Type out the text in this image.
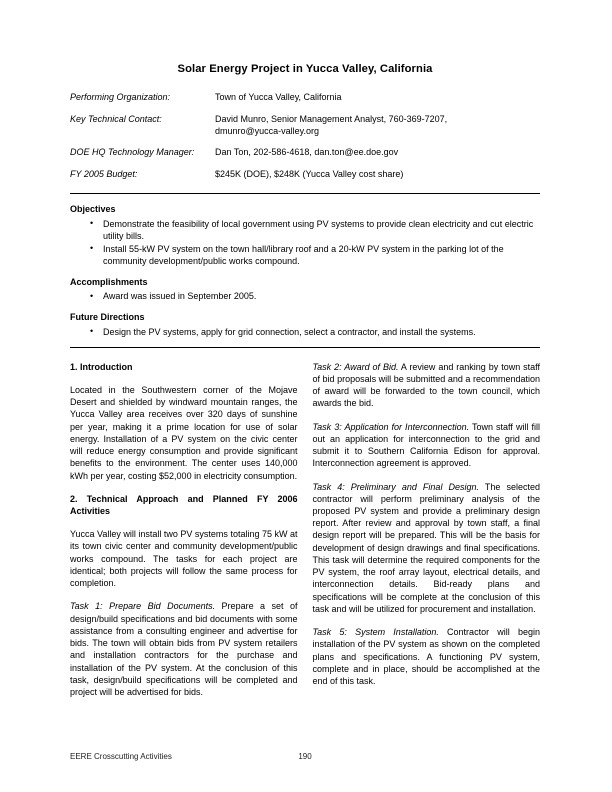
Solar Energy Project in Yucca Valley, California
Performing Organization:	Town of Yucca Valley, California
Key Technical Contact:	David Munro, Senior Management Analyst, 760-369-7207,
dmunro@yucca-valley.org

DOE HQ Technology Manager:	Dan Ton, 202-586-4618, dan.ton@ee.doe.gov
FY 2005 Budget:	$245K (DOE), $248K (Yucca Valley cost share)
Objectives
• Demonstrate the feasibility of local government using PV systems to provide clean electricity and cut electric utility bills.
• Install 55-kW PV system on the town hall/library roof and a 20-kW PV system in the parking lot of the community development/public works compound.
Accomplishments
• Award was issued in September 2005.
Future Directions
• Design the PV systems, apply for grid connection, select a contractor, and install the systems.
1. Introduction

Located in the Southwestern corner of the Mojave Desert and shielded by windward mountain ranges, the Yucca Valley area receives over 320 days of sunshine per year, making it a prime location for use of solar energy. Installation of a PV system on the civic center will reduce energy consumption and provide significant benefits to the environment. The center uses 140,000 kWh per year, costing $52,000 in electricity consumption.

2. Technical Approach and Planned FY 2006 Activities

Yucca Valley will install two PV systems totaling 75 kW at its town civic center and community development/public works compound. The tasks for each project are identical; both projects will follow the same process for completion.

Task 1: Prepare Bid Documents. Prepare a set of design/build specifications and bid documents with some assistance from a consulting engineer and advertise for bids. The town will obtain bids from PV system retailers and installation contractors for the purchase and installation of the PV system. At the conclusion of this task, design/build specifications will be completed and project will be advertised for bids.

Task 2: Award of Bid. A review and ranking by town staff of bid proposals will be submitted and a recommendation of award will be forwarded to the town council, which awards the bid.

Task 3: Application for Interconnection. Town staff will fill out an application for interconnection to the grid and submit it to Southern California Edison for approval. Interconnection agreement is approved.

Task 4: Preliminary and Final Design. The selected contractor will perform preliminary analysis of the proposed PV system and provide a preliminary design report. After review and approval by town staff, a final design report will be prepared. This will be the basis for development of design drawings and final specifications. This task will determine the required components for the PV system, the roof array layout, electrical details, and interconnection details. Bid-ready plans and specifications will be complete at the conclusion of this task and will be utilized for procurement and installation.

Task 5: System Installation. Contractor will begin installation of the PV system as shown on the completed plans and specifications. A functioning PV system, complete and in place, should be accomplished at the end of this task.

EERE Crosscutting Activities	190
